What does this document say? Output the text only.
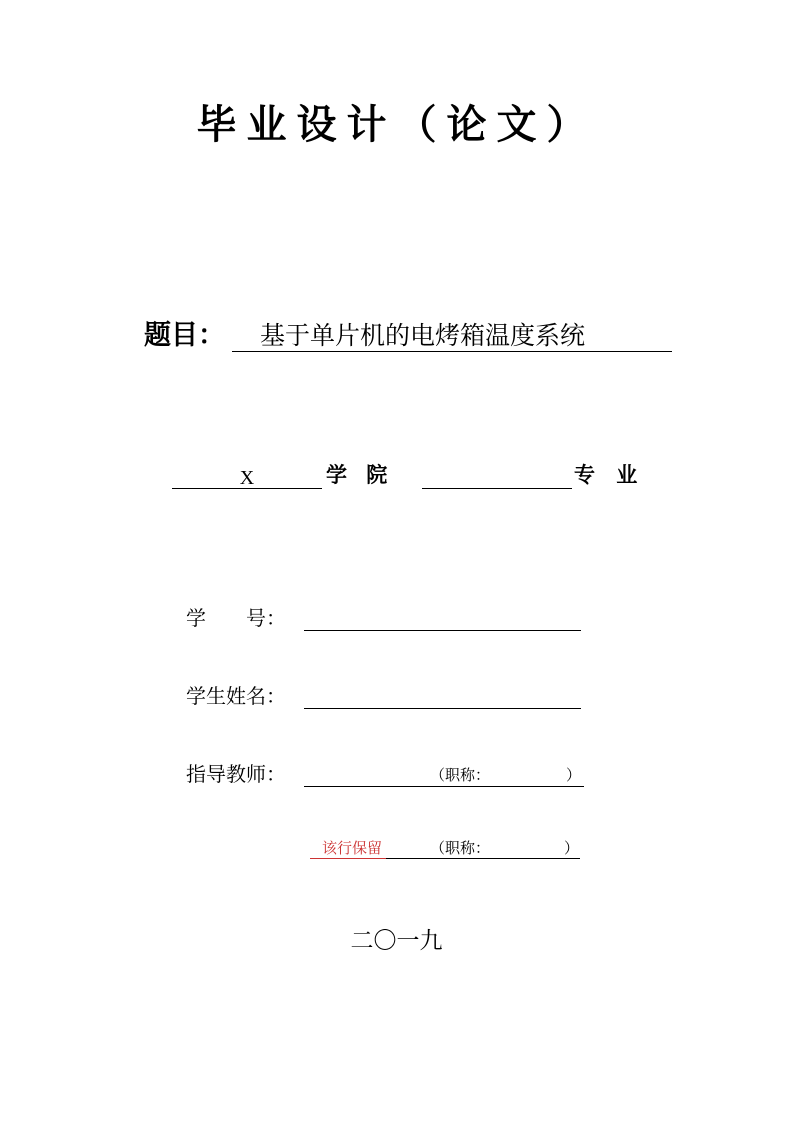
毕业设计（论文）
题目：	基于单片机的电烤箱温度系统
X	学 院	专 业
学　　号：
学生姓名：
指导教师：	（职称：	）
该行保留	（职称：	）
二〇一九
